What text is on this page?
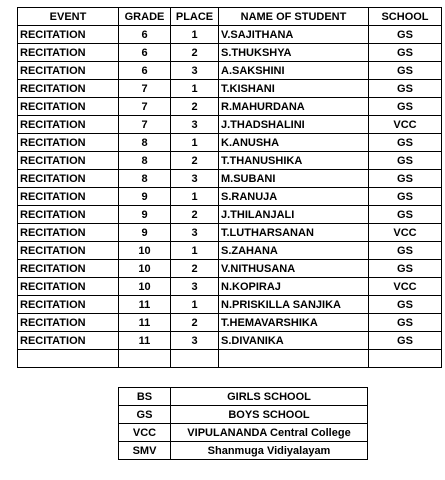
EVENT	GRADE	PLACE	NAME OF STUDENT	SCHOOL
RECITATION	6	1	V.SAJITHANA	GS
RECITATION	6	2	S.THUKSHYA	GS
RECITATION	6	3	A.SAKSHINI	GS
RECITATION	7	1	T.KISHANI	GS
RECITATION	7	2	R.MAHURDANA	GS
RECITATION	7	3	J.THADSHALINI	VCC
RECITATION	8	1	K.ANUSHA	GS
RECITATION	8	2	T.THANUSHIKA	GS
RECITATION	8	3	M.SUBANI	GS
RECITATION	9	1	S.RANUJA	GS
RECITATION	9	2	J.THILANJALI	GS
RECITATION	9	3	T.LUTHARSANAN	VCC
RECITATION	10	1	S.ZAHANA	GS
RECITATION	10	2	V.NITHUSANA	GS
RECITATION	10	3	N.KOPIRAJ	VCC
RECITATION	11	1	N.PRISKILLA SANJIKA	GS
RECITATION	11	2	T.HEMAVARSHIKA	GS
RECITATION	11	3	S.DIVANIKA	GS

BS	GIRLS SCHOOL
GS	BOYS SCHOOL
VCC	VIPULANANDA Central College
SMV	Shanmuga Vidiyalayam
